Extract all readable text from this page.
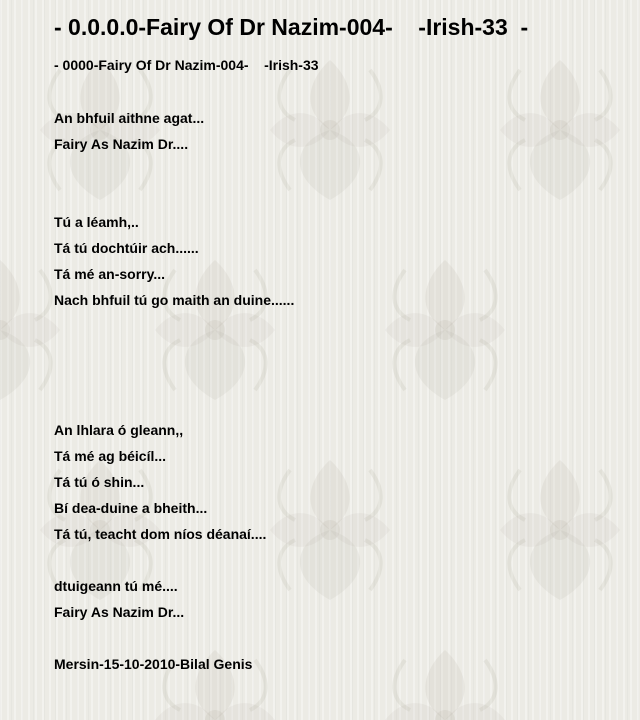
- 0.0.0.0-Fairy Of Dr Nazim-004-    -Irish-33  -
- 0000-Fairy Of Dr Nazim-004-    -Irish-33
An bhfuil aithne agat...
Fairy As Nazim Dr....
Tú a léamh,..
Tá tú dochtúir ach......
Tá mé an-sorry...
Nach bhfuil tú go maith an duine......
An lhlara ó gleann,,
Tá mé ag béicíl...
Tá tú ó shin...
Bí dea-duine a bheith...
Tá tú, teacht dom níos déanaí....
dtuigeann tú mé....
Fairy As Nazim Dr...
Mersin-15-10-2010-Bilal Genis
